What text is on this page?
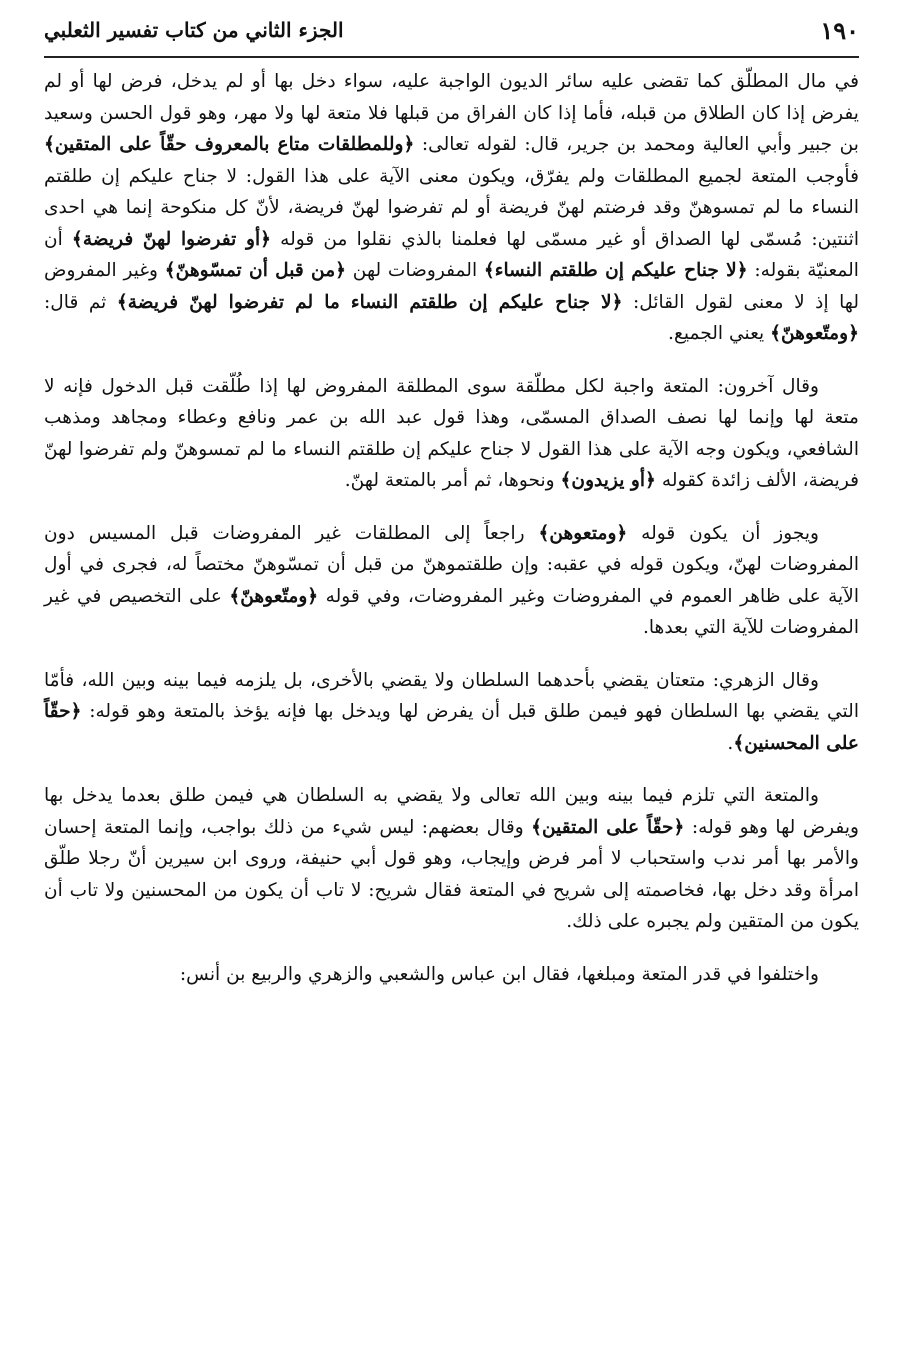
١٩٠
الجزء الثاني من كتاب تفسير الثعلبي

في مال المطلّق كما تقضى عليه سائر الديون الواجبة عليه، سواء دخل بها أو لم يدخل، فرض لها أو لم يفرض إذا كان الطلاق من قبله، فأما إذا كان الفراق من قبلها فلا متعة لها ولا مهر، وهو قول الحسن وسعيد بن جبير وأبي العالية ومحمد بن جرير، قال: لقوله تعالى: ﴿وللمطلقات متاع بالمعروف حقّاً على المتقين﴾ فأوجب المتعة لجميع المطلقات ولم يفرّق، ويكون معنى الآية على هذا القول: لا جناح عليكم إن طلقتم النساء ما لم تمسوهنّ وقد فرضتم لهنّ فريضة أو لم تفرضوا لهنّ فريضة، لأنّ كل منكوحة إنما هي احدى اثنتين: مُسمّى لها الصداق أو غير مسمّى لها فعلمنا بالذي نقلوا من قوله ﴿أو تفرضوا لهنّ فريضة﴾ أن المعنيّة بقوله: ﴿لا جناح عليكم إن طلقتم النساء﴾ المفروضات لهن ﴿من قبل أن تمسّوهنّ﴾ وغير المفروض لها إذ لا معنى لقول القائل: ﴿لا جناح عليكم إن طلقتم النساء ما لم تفرضوا لهنّ فريضة﴾ ثم قال: ﴿ومتّعوهنّ﴾ يعني الجميع.

وقال آخرون: المتعة واجبة لكل مطلّقة سوى المطلقة المفروض لها إذا طُلّقت قبل الدخول فإنه لا متعة لها وإنما لها نصف الصداق المسمّى، وهذا قول عبد الله بن عمر ونافع وعطاء ومجاهد ومذهب الشافعي، ويكون وجه الآية على هذا القول لا جناح عليكم إن طلقتم النساء ما لم تمسوهنّ ولم تفرضوا لهنّ فريضة، الألف زائدة كقوله ﴿أو يزيدون﴾ ونحوها، ثم أمر بالمتعة لهنّ.

ويجوز أن يكون قوله ﴿ومتعوهن﴾ راجعاً إلى المطلقات غير المفروضات قبل المسيس دون المفروضات لهنّ، ويكون قوله في عقبه: وإن طلقتموهنّ من قبل أن تمسّوهنّ مختصاً له، فجرى في أول الآية على ظاهر العموم في المفروضات وغير المفروضات، وفي قوله ﴿ومتّعوهنّ﴾ على التخصيص في غير المفروضات للآية التي بعدها.

وقال الزهري: متعتان يقضي بأحدهما السلطان ولا يقضي بالأخرى، بل يلزمه فيما بينه وبين الله، فأمّا التي يقضي بها السلطان فهو فيمن طلق قبل أن يفرض لها ويدخل بها فإنه يؤخذ بالمتعة وهو قوله: ﴿حقّاً على المحسنين﴾.

والمتعة التي تلزم فيما بينه وبين الله تعالى ولا يقضي به السلطان هي فيمن طلق بعدما يدخل بها ويفرض لها وهو قوله: ﴿حقّاً على المتقين﴾ وقال بعضهم: ليس شيء من ذلك بواجب، وإنما المتعة إحسان والأمر بها أمر ندب واستحباب لا أمر فرض وإيجاب، وهو قول أبي حنيفة، وروى ابن سيرين أنّ رجلا طلّق امرأة وقد دخل بها، فخاصمته إلى شريح في المتعة فقال شريح: لا تاب أن يكون من المحسنين ولا تاب أن يكون من المتقين ولم يجبره على ذلك.

واختلفوا في قدر المتعة ومبلغها، فقال ابن عباس والشعبي والزهري والربيع بن أنس:
